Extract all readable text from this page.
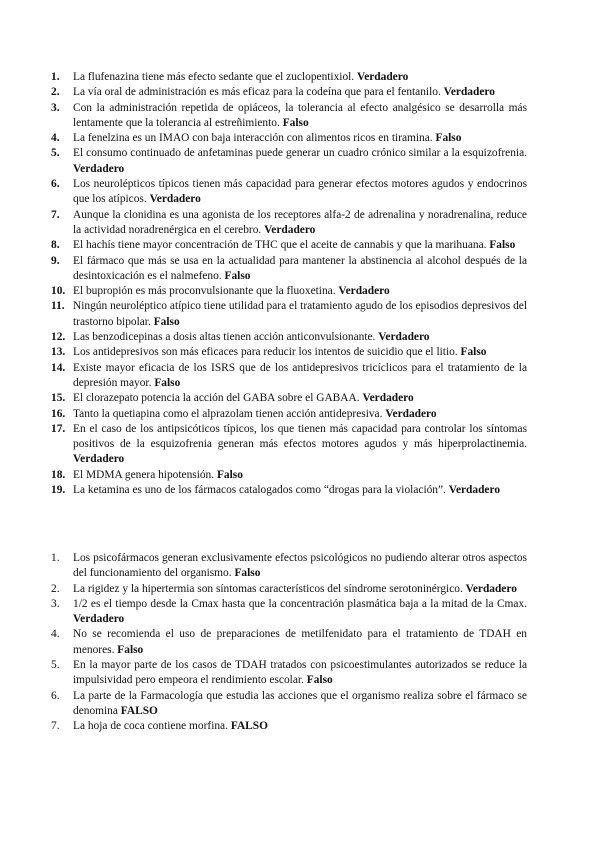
1.	La flufenazina tiene más efecto sedante que el zuclopentixiol. Verdadero
2.	La vía oral de administración es más eficaz para la codeína que para el fentanilo. Verdadero
3.	Con la administración repetida de opiáceos, la tolerancia al efecto analgésico se desarrolla más lentamente que la tolerancia al estreñimiento. Falso
4.	La fenelzina es un IMAO con baja interacción con alimentos ricos en tiramina. Falso
5.	El consumo continuado de anfetaminas puede generar un cuadro crónico similar a la esquizofrenia. Verdadero
6.	Los neurolépticos típicos tienen más capacidad para generar efectos motores agudos y endocrinos que los atípicos. Verdadero
7.	Aunque la clonidina es una agonista de los receptores alfa-2 de adrenalina y noradrenalina, reduce la actividad noradrenérgica en el cerebro. Verdadero
8.	El hachís tiene mayor concentración de THC que el aceite de cannabis y que la marihuana. Falso
9.	El fármaco que más se usa en la actualidad para mantener la abstinencia al alcohol después de la desintoxicación es el nalmefeno. Falso
10. El bupropión es más proconvulsionante que la fluoxetina. Verdadero
11. Ningún neuroléptico atípico tiene utilidad para el tratamiento agudo de los episodios depresivos del trastorno bipolar. Falso
12. Las benzodicepinas a dosis altas tienen acción anticonvulsionante. Verdadero
13. Los antidepresivos son más eficaces para reducir los intentos de suicidio que el litio. Falso
14. Existe mayor eficacia de los ISRS que de los antidepresivos tricíclicos para el tratamiento de la depresión mayor. Falso
15. El clorazepato potencia la acción del GABA sobre el GABAA. Verdadero
16. Tanto la quetiapina como el alprazolam tienen acción antidepresiva. Verdadero
17. En el caso de los antipsicóticos típicos, los que tienen más capacidad para controlar los síntomas positivos de la esquizofrenia generan más efectos motores agudos y más hiperprolactinemia. Verdadero
18. El MDMA genera hipotensión. Falso
19. La ketamina es uno de los fármacos catalogados como “drogas para la violación”. Verdadero
1.	Los psicofármacos generan exclusivamente efectos psicológicos no pudiendo alterar otros aspectos del funcionamiento del organismo. Falso
2.	La rigidez y la hipertermia son síntomas característicos del síndrome serotoninérgico. Verdadero
3.	1/2 es el tiempo desde la Cmax hasta que la concentración plasmática baja a la mitad de la Cmax. Verdadero
4.	No se recomienda el uso de preparaciones de metilfenidato para el tratamiento de TDAH en menores. Falso
5.	En la mayor parte de los casos de TDAH tratados con psicoestimulantes autorizados se reduce la impulsividad pero empeora el rendimiento escolar. Falso
6.	La parte de la Farmacología que estudia las acciones que el organismo realiza sobre el fármaco se denomina FALSO
7.	La hoja de coca contiene morfina. FALSO
